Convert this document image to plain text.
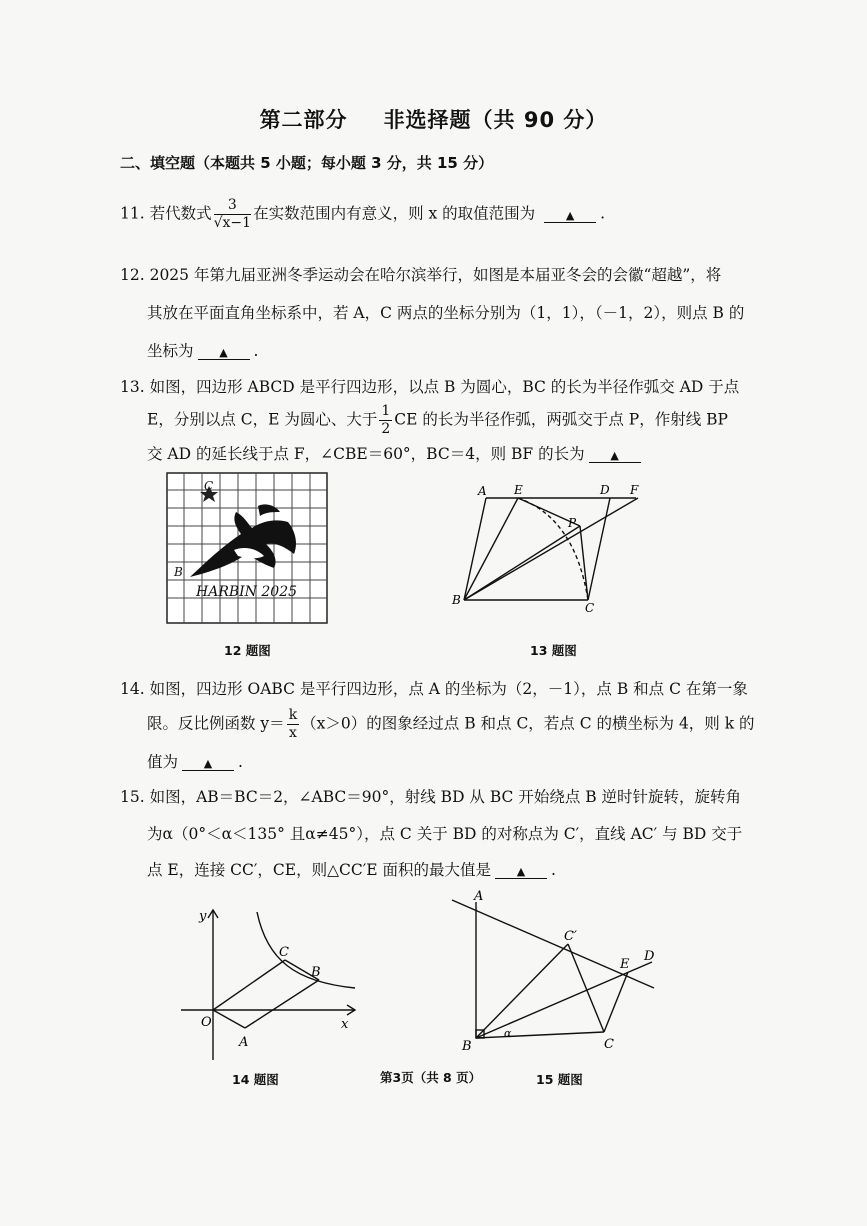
第二部分 非选择题（共 90 分）
二、填空题（本题共 5 小题；每小题 3 分，共 15 分）
11. 若代数式 $\frac{3}{√x-1}$ 在实数范围内有意义，则 x 的取值范围为	▲ .
12. 2025 年第九届亚洲冬季运动会在哈尔滨举行，如图是本届亚冬会的会徽“超越”，将
其放在平面直角坐标系中，若 A，C 两点的坐标分别为（1，1），（－1，2），则点 B 的
坐标为 ▲ .
13. 如图，四边形 ABCD 是平行四边形，以点 B 为圆心，BC 的长为半径作弧交 AD 于点
E，分别以点 C，E 为圆心、大于 $\frac{1}{2}$ CE 的长为半径作弧，两弧交于点 P，作射线 BP
交 AD 的延长线于点 F，∠CBE＝60°，BC＝4，则 BF 的长为 ▲
C
B
HARBIN 2025
12 题图
A E	D F
P
B
C
13 题图
14. 如图，四边形 OABC 是平行四边形，点 A 的坐标为（2，－1），点 B 和点 C 在第一象
限。反比例函数 $y= \frac{k}{x} (x>0)$的图象经过点 B 和点 C，若点 C 的横坐标为 4，则 k 的
值为 ▲ .
15. 如图，AB＝BC＝2，∠ABC＝90°，射线 BD 从 BC 开始绕点 B 逆时针旋转，旋转角
为α（0°＜α＜135° 且α≠45°），点 C 关于 BD 的对称点为 C′，直线 AC′ 与 BD 交于
点 E，连接 CC′，CE，则△CC′E 面积的最大值是 ▲ .
y
C
B
O
A
x
14 题图
A
C′
E
D
B
α
C
15 题图
第3页（共 8 页）
